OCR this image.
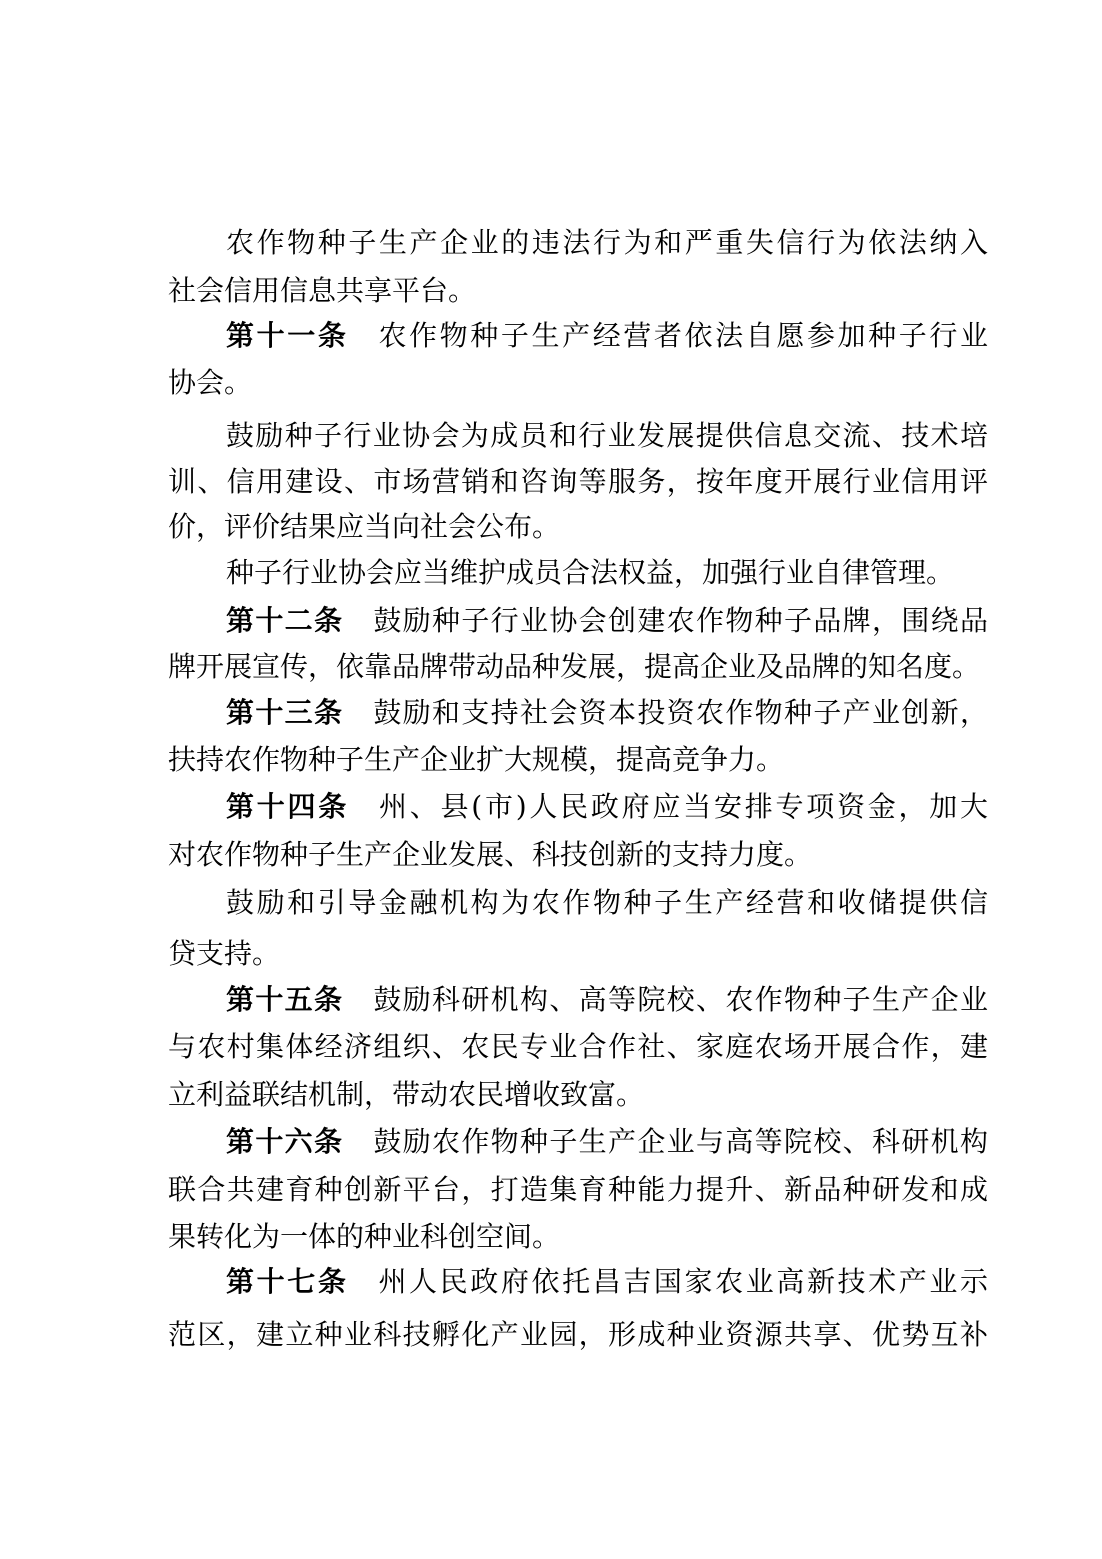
农作物种子生产企业的违法行为和严重失信行为依法纳入
社会信用信息共享平台。
第十一条 农作物种子生产经营者依法自愿参加种子行业
协会。
鼓励种子行业协会为成员和行业发展提供信息交流、技术培
训、信用建设、市场营销和咨询等服务，按年度开展行业信用评
价，评价结果应当向社会公布。
种子行业协会应当维护成员合法权益，加强行业自律管理。
第十二条 鼓励种子行业协会创建农作物种子品牌，围绕品
牌开展宣传，依靠品牌带动品种发展，提高企业及品牌的知名度。
第十三条 鼓励和支持社会资本投资农作物种子产业创新，
扶持农作物种子生产企业扩大规模，提高竞争力。
第十四条 州、县(市)人民政府应当安排专项资金，加大
对农作物种子生产企业发展、科技创新的支持力度。
鼓励和引导金融机构为农作物种子生产经营和收储提供信
贷支持。
第十五条 鼓励科研机构、高等院校、农作物种子生产企业
与农村集体经济组织、农民专业合作社、家庭农场开展合作，建
立利益联结机制，带动农民增收致富。
第十六条 鼓励农作物种子生产企业与高等院校、科研机构
联合共建育种创新平台，打造集育种能力提升、新品种研发和成
果转化为一体的种业科创空间。
第十七条 州人民政府依托昌吉国家农业高新技术产业示
范区，建立种业科技孵化产业园，形成种业资源共享、优势互补
